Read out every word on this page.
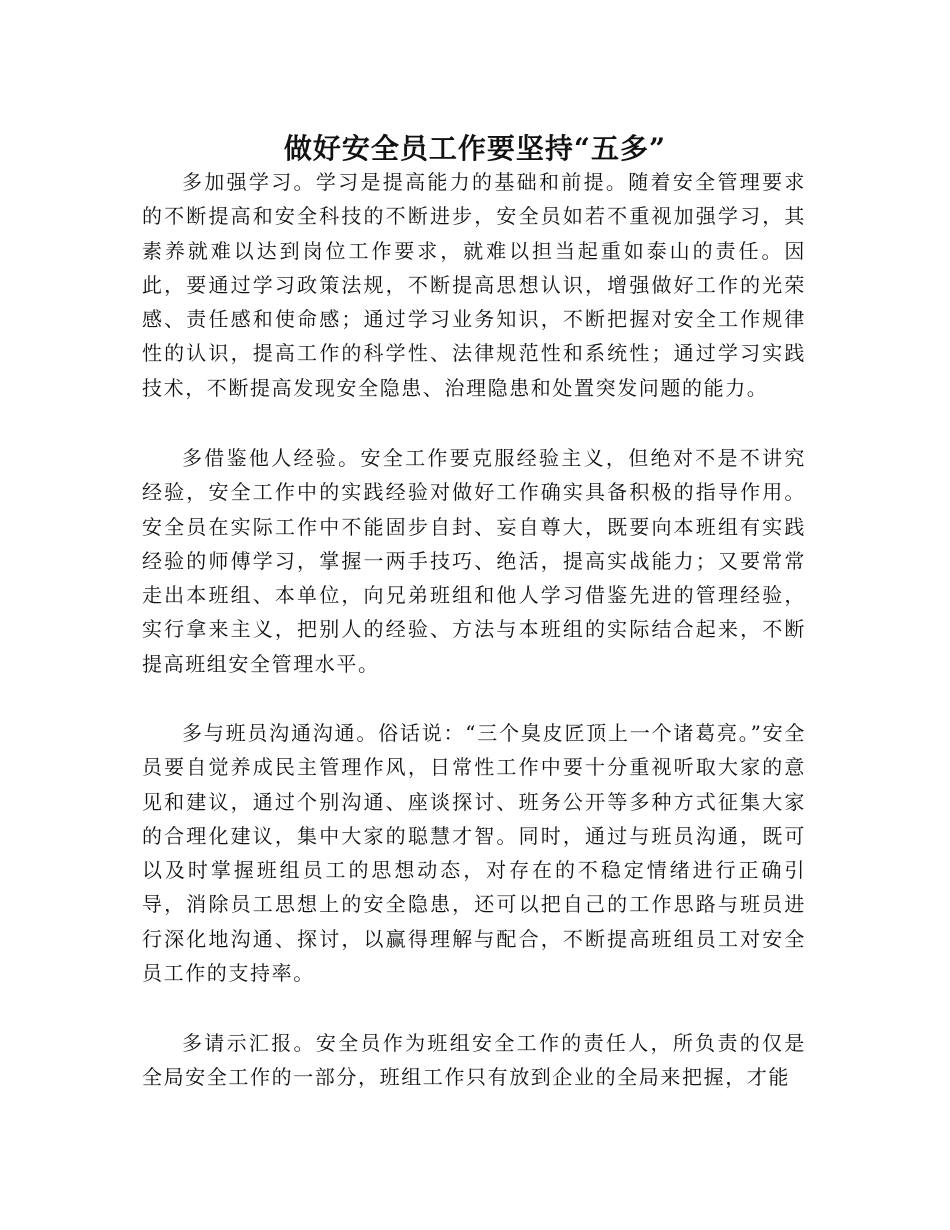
做好安全员工作要坚持“五多”

多加强学习。学习是提高能力的基础和前提。随着安全管理要求的不断提高和安全科技的不断进步，安全员如若不重视加强学习，其素养就难以达到岗位工作要求，就难以担当起重如泰山的责任。因此，要通过学习政策法规，不断提高思想认识，增强做好工作的光荣感、责任感和使命感；通过学习业务知识，不断把握对安全工作规律性的认识，提高工作的科学性、法律规范性和系统性；通过学习实践技术，不断提高发现安全隐患、治理隐患和处置突发问题的能力。

多借鉴他人经验。安全工作要克服经验主义，但绝对不是不讲究经验，安全工作中的实践经验对做好工作确实具备积极的指导作用。安全员在实际工作中不能固步自封、妄自尊大，既要向本班组有实践经验的师傅学习，掌握一两手技巧、绝活，提高实战能力；又要常常走出本班组、本单位，向兄弟班组和他人学习借鉴先进的管理经验，实行拿来主义，把别人的经验、方法与本班组的实际结合起来，不断提高班组安全管理水平。

多与班员沟通沟通。俗话说：“三个臭皮匠顶上一个诸葛亮。”安全员要自觉养成民主管理作风，日常性工作中要十分重视听取大家的意见和建议，通过个别沟通、座谈探讨、班务公开等多种方式征集大家的合理化建议，集中大家的聪慧才智。同时，通过与班员沟通，既可以及时掌握班组员工的思想动态，对存在的不稳定情绪进行正确引导，消除员工思想上的安全隐患，还可以把自己的工作思路与班员进行深化地沟通、探讨，以赢得理解与配合，不断提高班组员工对安全员工作的支持率。

多请示汇报。安全员作为班组安全工作的责任人，所负责的仅是全局安全工作的一部分，班组工作只有放到企业的全局来把握，才能
